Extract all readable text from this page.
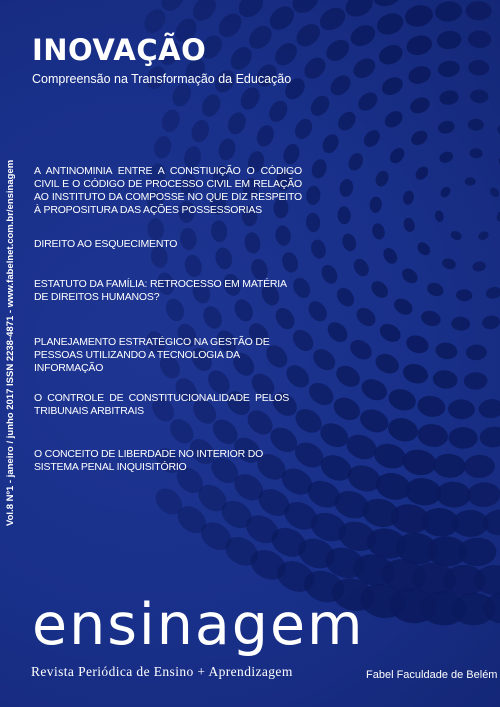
INOVAÇÃO

Compreensão na Transformação da Educação

Vol.8 Nº1 - janeiro / junho 2017 ISSN 2238-4871 - www.fabelnet.com.br/ensinagem A ANTINOMINIA ENTRE A CONSTIUIÇÃO O CÓDIGO CIVIL E O CÓDIGO DE PROCESSO CIVIL EM RELAÇÃO AO INSTITUTO DA COMPOSSE NO QUE DIZ RESPEITO À PROPOSITURA DAS AÇÕES POSSESSORIAS

DIREITO AO ESQUECIMENTO

ESTATUTO DA FAMÍLIA: RETROCESSO EM MATÉRIA DE DIREITOS HUMANOS?

PLANEJAMENTO ESTRATÉGICO NA GESTÃO DE PESSOAS UTILIZANDO A TECNOLOGIA DA INFORMAÇÃO

O CONTROLE DE CONSTITUCIONALIDADE PELOS TRIBUNAIS ARBITRAIS

O CONCEITO DE LIBERDADE NO INTERIOR DO SISTEMA PENAL INQUISITÓRIO

ensinagem

Revista Periódica de Ensino + Aprendizagem	Fabel Faculdade de Belém
